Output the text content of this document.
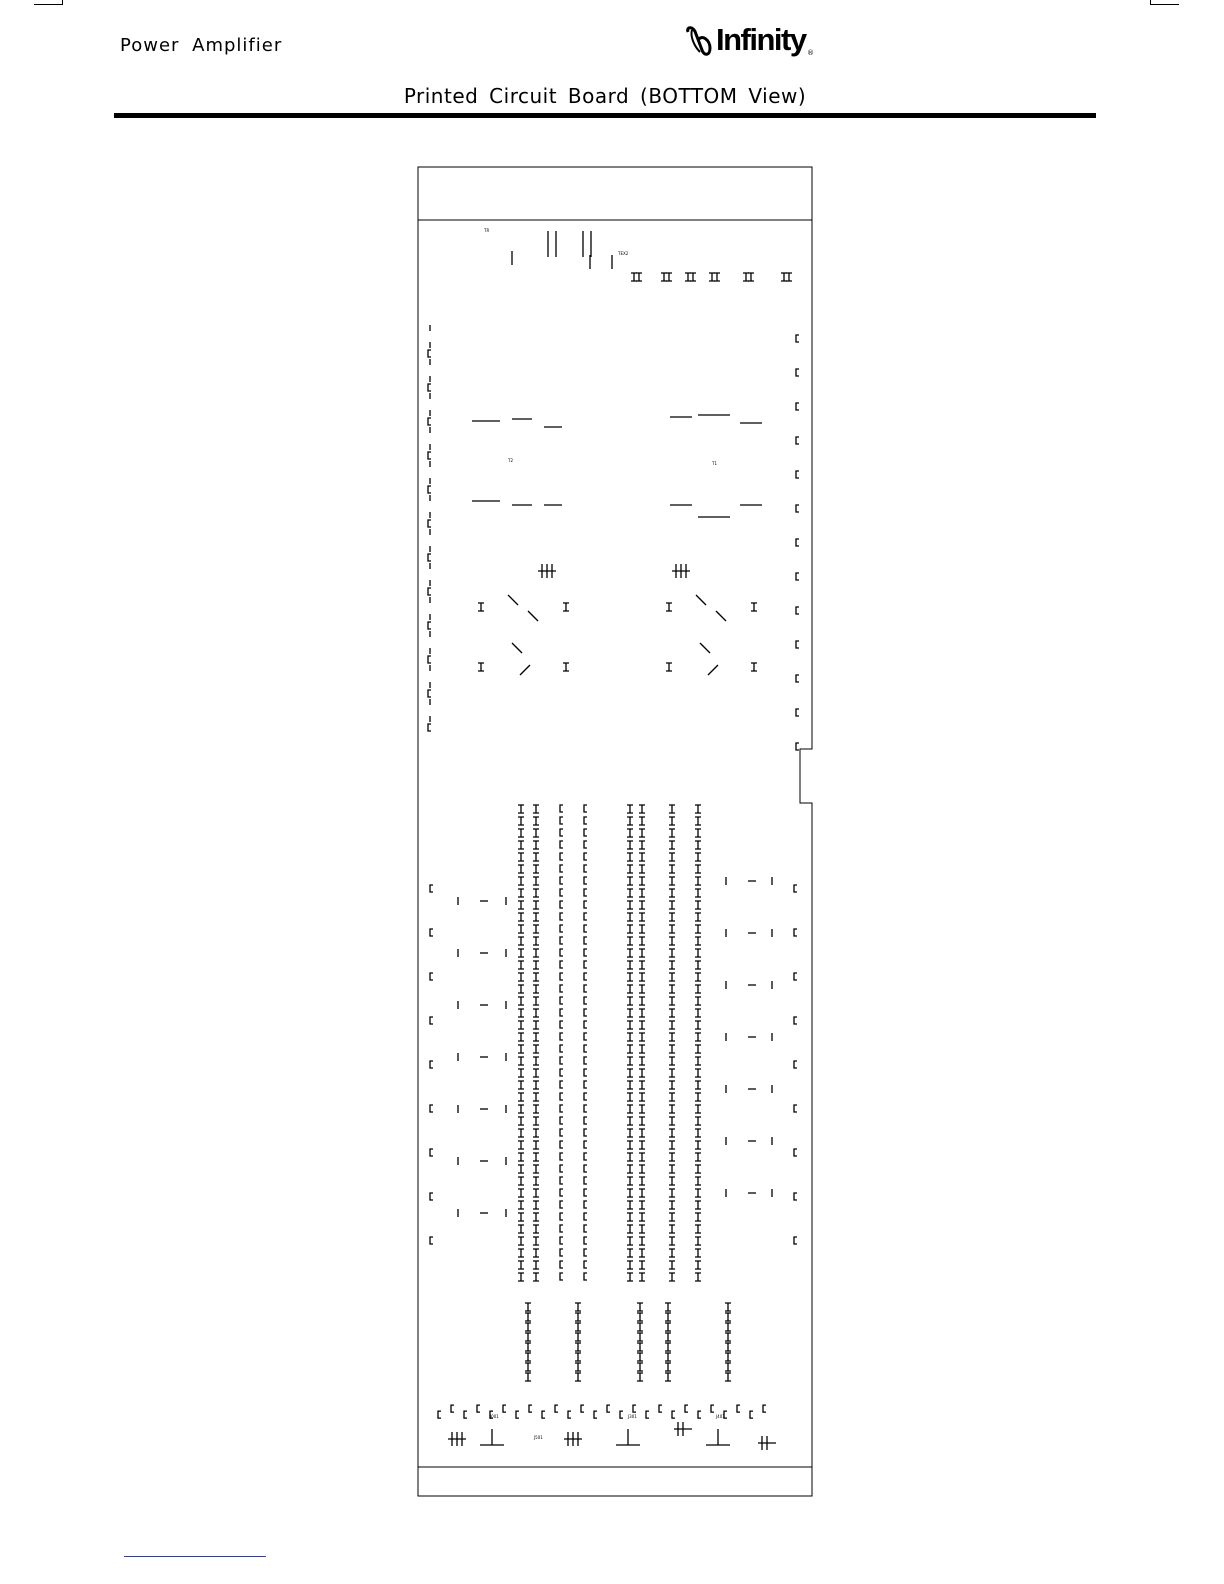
Power Amplifier	Infinity ®
Printed Circuit Board (BOTTOM View)
TR
TEX2
T2
T1
J001	J301	J401
J501
